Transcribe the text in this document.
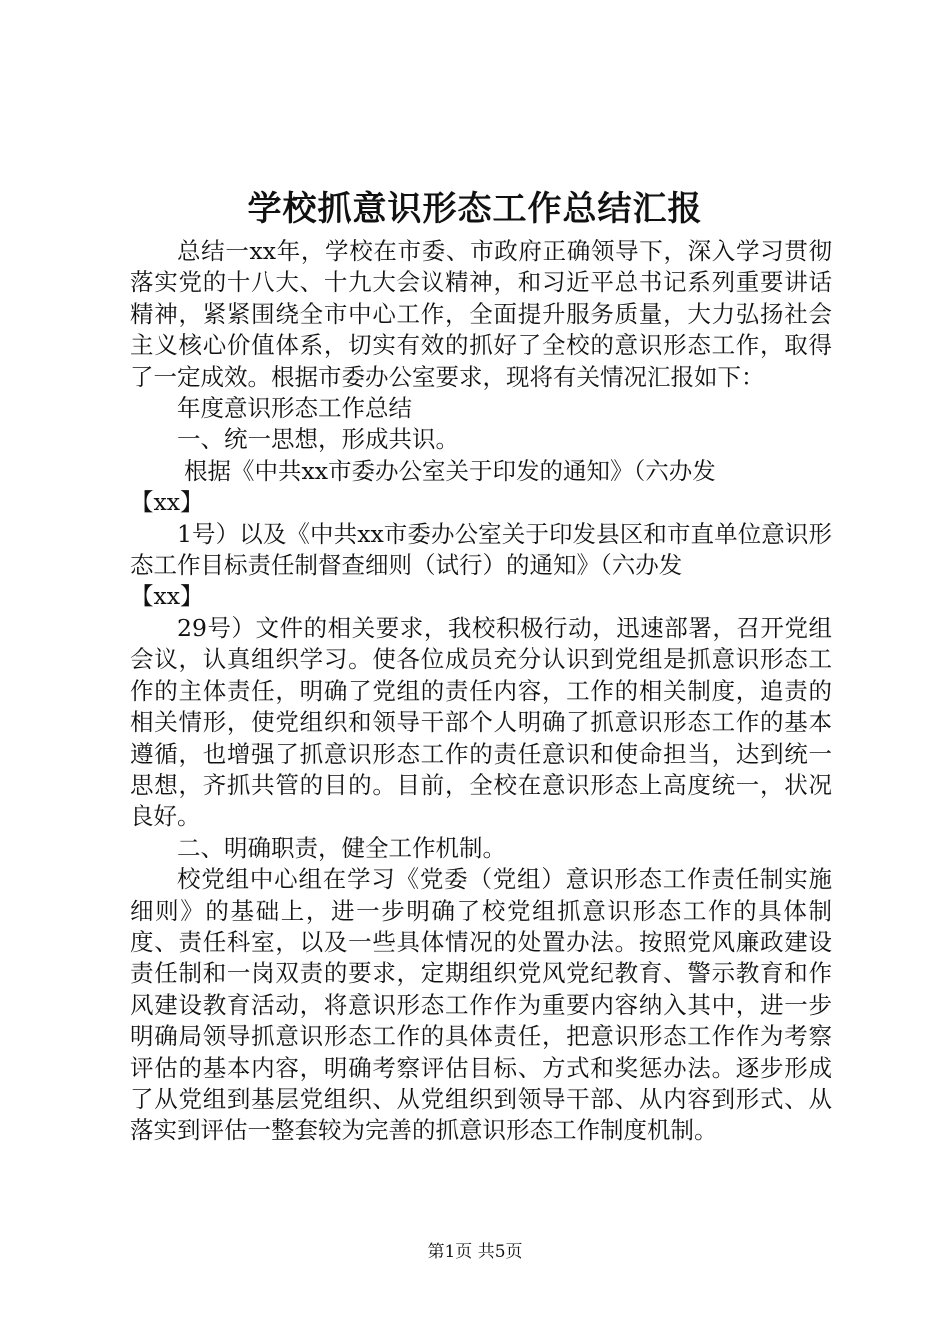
学校抓意识形态工作总结汇报

总结一xx年，学校在市委、市政府正确领导下，深入学习贯彻落实党的十八大、十九大会议精神，和习近平总书记系列重要讲话精神，紧紧围绕全市中心工作，全面提升服务质量，大力弘扬社会主义核心价值体系，切实有效的抓好了全校的意识形态工作，取得了一定成效。根据市委办公室要求，现将有关情况汇报如下：

年度意识形态工作总结

一、统一思想，形成共识。

根据《中共xx市委办公室关于印发的通知》（六办发

【xx】

1号）以及《中共xx市委办公室关于印发县区和市直单位意识形态工作目标责任制督查细则（试行）的通知》（六办发

【xx】

29号）文件的相关要求，我校积极行动，迅速部署，召开党组会议，认真组织学习。使各位成员充分认识到党组是抓意识形态工作的主体责任，明确了党组的责任内容，工作的相关制度，追责的相关情形，使党组织和领导干部个人明确了抓意识形态工作的基本遵循，也增强了抓意识形态工作的责任意识和使命担当，达到统一思想，齐抓共管的目的。目前，全校在意识形态上高度统一，状况良好。

二、明确职责，健全工作机制。

校党组中心组在学习《党委（党组）意识形态工作责任制实施细则》的基础上，进一步明确了校党组抓意识形态工作的具体制度、责任科室，以及一些具体情况的处置办法。按照党风廉政建设责任制和一岗双责的要求，定期组织党风党纪教育、警示教育和作风建设教育活动，将意识形态工作作为重要内容纳入其中，进一步明确局领导抓意识形态工作的具体责任，把意识形态工作作为考察评估的基本内容，明确考察评估目标、方式和奖惩办法。逐步形成了从党组到基层党组织、从党组织到领导干部、从内容到形式、从落实到评估一整套较为完善的抓意识形态工作制度机制。

第1页 共5页
